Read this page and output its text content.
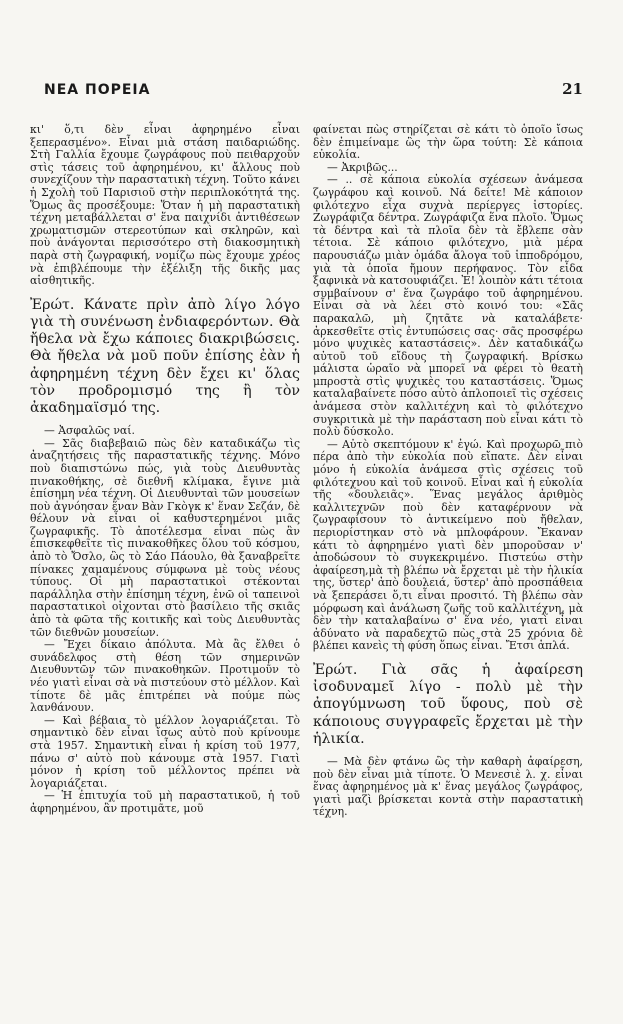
ΝΕΑ ΠΟΡΕΙΑ	21

κι' ὅ,τι δὲν εἶναι ἀφηρημένο εἶναι ξεπερασμένο». Εἶναι μιὰ στάση παιδαριώδης. Στὴ Γαλλία ἔχουμε ζωγράφους ποὺ πειθαρχοῦν στὶς τάσεις τοῦ ἀφηρημένου, κι' ἄλλους ποὺ συνεχίζουν τὴν παραστατικὴ τέχνη. Τοῦτο κάνει ἡ Σχολὴ τοῦ Παρισιοῦ στὴν περιπλοκότητά της. Ὅμως ἂς προσέξουμε: Ὅταν ἡ μὴ παραστατικὴ τέχνη μεταβάλλεται σ' ἕνα παιχνίδι ἀντιθέσεων χρωματισμῶν στερεοτύπων καὶ σκληρῶν, καὶ ποὺ ἀνάγονται περισσότερο στὴ διακοσμητικὴ παρὰ στὴ ζωγραφική, νομίζω πὼς ἔχουμε χρέος νὰ ἐπιβλέπουμε τὴν ἐξέλιξη τῆς δικῆς μας αἰσθητικῆς.

Ἐρώτ. Κάνατε πρὶν ἀπὸ λίγο λόγο γιὰ τὴ συνένωση ἐνδιαφερόντων. Θὰ ἤθελα νὰ ἔχω κάποιες διακριβώσεις. Θὰ ἤθελα νὰ μοῦ ποῦν ἐπίσης ἐὰν ἡ ἀφηρημένη τέχνη δὲν ἔχει κι' ὅλας τὸν προδρομισμό της ἢ τὸν ἀκαδημαϊσμό της.

— Ἀσφαλῶς ναί.

— Σᾶς διαβεβαιῶ πὼς δὲν καταδικάζω τὶς ἀναζητήσεις τῆς παραστατικῆς τέχνης. Μόνο ποὺ διαπιστώνω πώς, γιὰ τοὺς Διευθυντὰς πινακοθήκης, σὲ διεθνῆ κλίμακα, ἔγινε μιὰ ἐπίσημη νέα τέχνη. Οἱ Διευθυνταὶ τῶν μουσείων ποὺ ἀγνόησαν ἕναν Βὰν Γκὸγκ κ' ἕναν Σεζάν, δὲ θέλουν νὰ εἶναι οἱ καθυστερημένοι μιᾶς ζωγραφικῆς. Τὸ ἀποτέλεσμα εἶναι πὼς ἂν ἐπισκεφθεῖτε τὶς πινακοθῆκες ὅλου τοῦ κόσμου, ἀπὸ τὸ Ὄσλο, ὣς τὸ Σάο Πάουλο, θὰ ξαναβρεῖτε πίνακες χαμαμένους σύμφωνα μὲ τοὺς νέους τύπους. Οἱ μὴ παραστατικοὶ στέκονται παράλληλα στὴν ἐπίσημη τέχνη, ἐνῶ οἱ ταπεινοὶ παραστατικοὶ οἰχονται στὸ βασίλειο τῆς σκιᾶς ἀπὸ τὰ φῶτα τῆς κοιτικῆς καὶ τοὺς Διευθυντὰς τῶν διεθνῶν μουσείων.

— Ἔχει δίκαιο ἀπόλυτα. Μὰ ἂς ἔλθει ὁ συνάδελφος στὴ θέση τῶν σημερινῶν Διευθυντῶν τῶν πινακοθηκῶν. Προτιμοῦν τὸ νέο γιατὶ εἶναι σὰ νὰ πιστεύουν στὸ μέλλον. Καὶ τίποτε δὲ μᾶς ἐπιτρέπει νὰ πούμε πὼς λανθάνουν.

— Καὶ βέβαια τὸ μέλλον λογαριάζεται. Τὸ σημαντικὸ δὲν εἶναι ἴσως αὐτὸ ποὺ κρίνουμε στὰ 1957. Σημαντικὴ εἶναι ἡ κρίση τοῦ 1977, πάνω σ' αὐτὸ ποὺ κάνουμε στὰ 1957. Γιατὶ μόνον ἡ κρίση τοῦ μέλλοντος πρέπει νὰ λογαριάζεται.

— Ἡ ἐπιτυχία τοῦ μὴ παραστατικοῦ, ἡ τοῦ ἀφηρημένου, ἂν προτιμᾶτε, μοῦ

φαίνεται πὼς στηρίζεται σὲ κάτι τὸ ὁποῖο ἴσως δὲν ἐπιμείναμε ὣς τὴν ὥρα τούτη: Σὲ κάποια εὐκολία.

— Ἀκριβῶς...

— .. σὲ κάποια εὐκολία σχέσεων ἀνάμεσα ζωγράφου καὶ κοινοῦ. Νά δείτε! Μὲ κάποιον φιλότεχνο εἶχα συχνὰ περίεργες ἱστορίες. Ζωγράφιζα δέντρα. Ζωγράφιζα ἕνα πλοῖο. Ὅμως τὰ δέντρα καὶ τὰ πλοῖα δὲν τὰ ἔβλεπε σὰν τέτοια. Σὲ κάποιο φιλότεχνο, μιὰ μέρα παρουσιάζω μιὰν ὁμάδα ἄλογα τοῦ ἱπποδρόμου, γιὰ τὰ ὁποῖα ἤμουν περήφανος. Τὸν εἶδα ξαφνικὰ νὰ κατσουφιάζει. Ἐ! λοιπὸν κάτι τέτοια συμβαίνουν σ' ἕνα ζωγράφο τοῦ ἀφηρημένου. Εἶναι σὰ νὰ λέει στὸ κοινό του: «Σᾶς παρακαλῶ, μὴ ζητᾶτε νὰ καταλάβετε· ἀρκεσθεῖτε στὶς ἐντυπώσεις σας· σᾶς προσφέρω μόνο ψυχικὲς καταστάσεις». Δὲν καταδικάζω αὐτοῦ τοῦ εἴδους τὴ ζωγραφική. Βρίσκω μάλιστα ὡραῖο νὰ μπορεῖ νὰ φέρει τὸ θεατὴ μπροστὰ στὶς ψυχικὲς του καταστάσεις. Ὅμως καταλαβαίνετε πόσο αὐτὸ ἁπλοποιεῖ τὶς σχέσεις ἀνάμεσα στὸν καλλιτέχνη καὶ τὸ φιλότεχνο συγκριτικὰ μὲ τὴν παράσταση ποὺ εἶναι κάτι τὸ πολὺ δύσκολο.

— Αὐτὸ σκεπτόμουν κ' ἐγώ. Καὶ προχωρῶ πιὸ πέρα ἀπὸ τὴν εὐκολία ποὺ εἴπατε. Δὲν εἶναι μόνο ἡ εὐκολία ἀνάμεσα στὶς σχέσεις τοῦ φιλότεχνου καὶ τοῦ κοινοῦ. Εἶναι καὶ ἡ εὐκολία τῆς «δουλειᾶς». Ἕνας μεγάλος ἀριθμὸς καλλιτεχνῶν ποὺ δὲν καταφέρνουν νὰ ζωγραφίσουν τὸ ἀντικείμενο ποὺ ἤθελαν, περιορίστηκαν στὸ νὰ μπλοφάρουν. Ἔκαναν κάτι τὸ ἀφηρημένο γιατὶ δὲν μποροῦσαν ν' ἀποδώσουν τὸ συγκεκριμένο. Πιστεύω στὴν ἀφαίρεση,μὰ τὴ βλέπω νὰ ἔρχεται μὲ τὴν ἡλικία της, ὕστερ' ἀπὸ δουλειά, ὕστερ' ἀπὸ προσπάθεια νὰ ξεπεράσει ὅ,τι εἶναι προσιτό. Τὴ βλέπω σὰν μόρφωση καὶ ἀνάλωση ζωῆς τοῦ καλλιτέχνη, μὰ δὲν τὴν καταλαβαίνω σ' ἕνα νέο, γιατὶ εἶναι ἀδύνατο νὰ παραδεχτῶ πὼς στὰ 25 χρόνια δὲ βλέπει κανεὶς τὴ φύση ὅπως εἶναι. Ἔτσι ἁπλά.

Ἐρώτ. Γιὰ σᾶς ἡ ἀφαίρεση ἰσοδυναμεῖ λίγο - πολὺ μὲ τὴν ἀπογύμνωση τοῦ ὕφους, ποὺ σὲ κάποιους συγγραφεῖς ἔρχεται μὲ τὴν ἡλικία.

— Μὰ δὲν φτάνω ὣς τὴν καθαρὴ ἀφαίρεση, ποὺ δὲν εἶναι μιὰ τίποτε. Ὁ Μενεσιὲ λ. χ. εἶναι ἕνας ἀφηρημένος μὰ κ' ἕνας μεγάλος ζωγράφος, γιατὶ μαζὶ βρίσκεται κοντὰ στὴν παραστατικὴ τέχνη.
